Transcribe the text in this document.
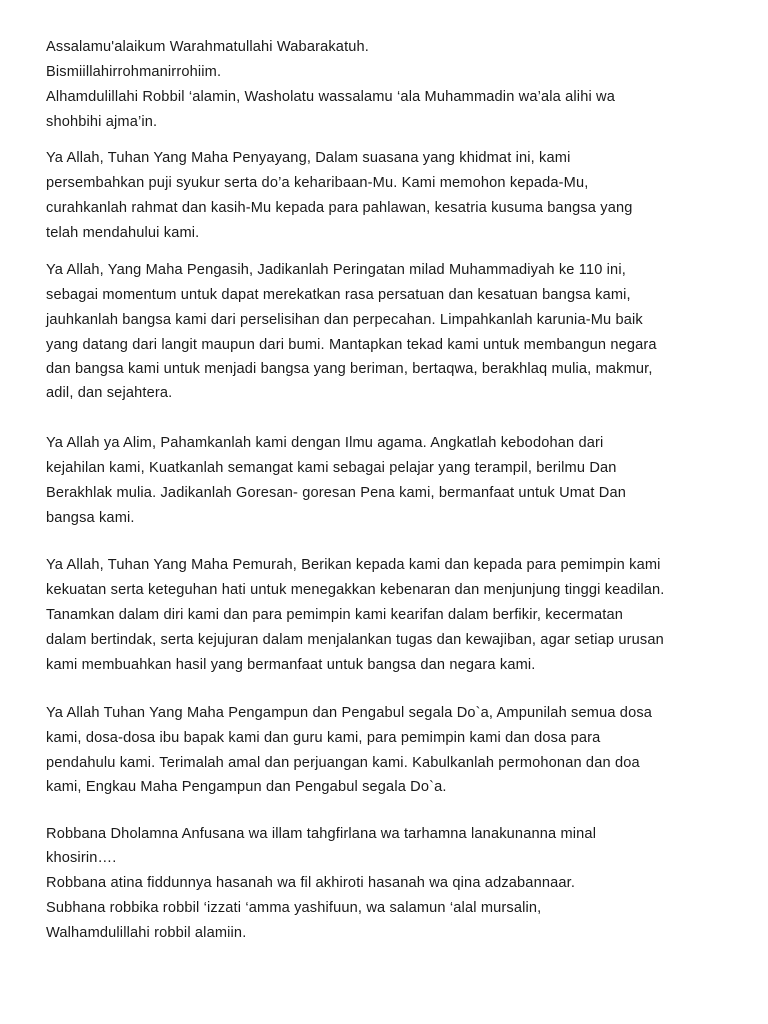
Assalamu'alaikum Warahmatullahi Wabarakatuh.
Bismiillahirrohmanirrohiim.
Alhamdulillahi Robbil ‘alamin, Washolatu wassalamu ‘ala Muhammadin wa’ala alihi wa
shohbihi ajma’in.
Ya Allah, Tuhan Yang Maha Penyayang, Dalam suasana yang khidmat ini, kami
persembahkan puji syukur serta do’a keharibaan-Mu. Kami memohon kepada-Mu,
curahkanlah rahmat dan kasih-Mu kepada para pahlawan, kesatria kusuma bangsa yang
telah mendahului kami.
Ya Allah, Yang Maha Pengasih, Jadikanlah Peringatan milad Muhammadiyah ke 110 ini,
sebagai momentum untuk dapat merekatkan rasa persatuan dan kesatuan bangsa kami,
jauhkanlah bangsa kami dari perselisihan dan perpecahan. Limpahkanlah karunia-Mu baik
yang datang dari langit maupun dari bumi. Mantapkan tekad kami untuk membangun negara
dan bangsa kami untuk menjadi bangsa yang beriman, bertaqwa, berakhlaq mulia, makmur,
adil, dan sejahtera.
Ya Allah ya Alim, Pahamkanlah kami dengan Ilmu agama. Angkatlah kebodohan dari
kejahilan kami, Kuatkanlah semangat kami sebagai pelajar yang terampil, berilmu Dan
Berakhlak mulia. Jadikanlah Goresan- goresan Pena kami, bermanfaat untuk Umat Dan
bangsa kami.
Ya Allah, Tuhan Yang Maha Pemurah, Berikan kepada kami dan kepada para pemimpin kami
kekuatan serta keteguhan hati untuk menegakkan kebenaran dan menjunjung tinggi keadilan.
Tanamkan dalam diri kami dan para pemimpin kami kearifan dalam berfikir, kecermatan
dalam bertindak, serta kejujuran dalam menjalankan tugas dan kewajiban, agar setiap urusan
kami membuahkan hasil yang bermanfaat untuk bangsa dan negara kami.
Ya Allah Tuhan Yang Maha Pengampun dan Pengabul segala Do`a, Ampunilah semua dosa
kami, dosa-dosa ibu bapak kami dan guru kami, para pemimpin kami dan dosa para
pendahulu kami. Terimalah amal dan perjuangan kami. Kabulkanlah permohonan dan doa
kami, Engkau Maha Pengampun dan Pengabul segala Do`a.
Robbana Dholamna Anfusana wa illam tahgfirlana wa tarhamna lanakunanna minal
khosirin….
Robbana atina fiddunnya hasanah wa fil akhiroti hasanah wa qina adzabannaar.
Subhana robbika robbil ‘izzati ‘amma yashifuun, wa salamun ‘alal mursalin,
Walhamdulillahi robbil alamiin.
